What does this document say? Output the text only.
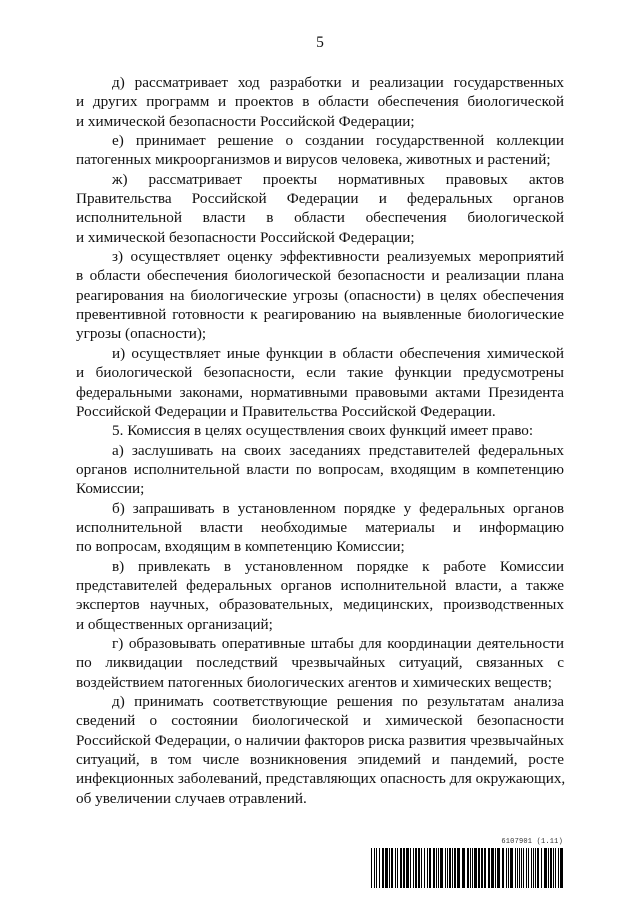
5

д) рассматривает ход разработки и реализации государственных
и других программ и проектов в области обеспечения биологической
и химической безопасности Российской Федерации;

е) принимает решение о создании государственной коллекции
патогенных микроорганизмов и вирусов человека, животных и растений;

ж) рассматривает проекты нормативных правовых актов
Правительства Российской Федерации и федеральных органов
исполнительной власти в области обеспечения биологической
и химической безопасности Российской Федерации;

з) осуществляет оценку эффективности реализуемых мероприятий
в области обеспечения биологической безопасности и реализации плана
реагирования на биологические угрозы (опасности) в целях обеспечения
превентивной готовности к реагированию на выявленные биологические
угрозы (опасности);

и) осуществляет иные функции в области обеспечения химической
и биологической безопасности, если такие функции предусмотрены
федеральными законами, нормативными правовыми актами Президента
Российской Федерации и Правительства Российской Федерации.

5. Комиссия в целях осуществления своих функций имеет право:

а) заслушивать на своих заседаниях представителей федеральных
органов исполнительной власти по вопросам, входящим в компетенцию
Комиссии;

б) запрашивать в установленном порядке у федеральных органов
исполнительной власти необходимые материалы и информацию
по вопросам, входящим в компетенцию Комиссии;

в) привлекать в установленном порядке к работе Комиссии
представителей федеральных органов исполнительной власти, а также
экспертов научных, образовательных, медицинских, производственных
и общественных организаций;

г) образовывать оперативные штабы для координации деятельности
по ликвидации последствий чрезвычайных ситуаций, связанных с
воздействием патогенных биологических агентов и химических веществ;

д) принимать соответствующие решения по результатам анализа
сведений о состоянии биологической и химической безопасности
Российской Федерации, о наличии факторов риска развития чрезвычайных
ситуаций, в том числе возникновения эпидемий и пандемий, росте
инфекционных заболеваний, представляющих опасность для окружающих,
об увеличении случаев отравлений.

6107901 (1.11)
